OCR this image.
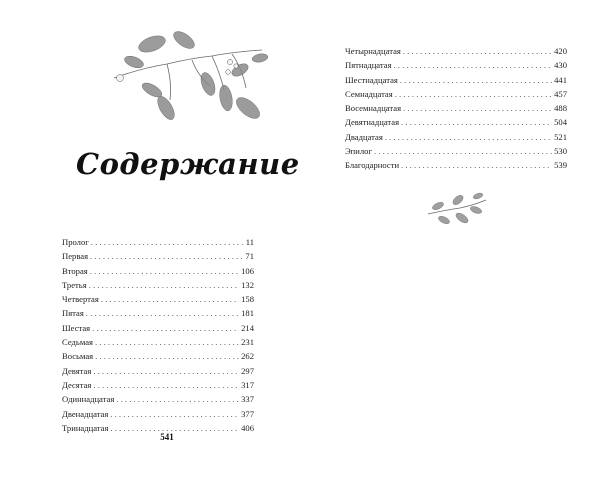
Содержание
Пролог . . .	11
Первая . . .	71
Вторая . . .	106
Третья . . .	132
Четвертая . . .	158
Пятая . . .	181
Шестая . . .	214
Седьмая . . .	231
Восьмая . . .	262
Девятая . . .	297
Десятая . . .	317
Одиннадцатая . . .	337
Двенадцатая . . .	377
Тринадцатая . . .	406
541
Четырнадцатая . . .	420
Пятнадцатая . . .	430
Шестнадцатая . . .	441
Семнадцатая . . .	457
Восемнадцатая . . .	488
Девятнадцатая . . .	504
Двадцатая . . .	521
Эпилог . . .	530
Благодарности . . .	539
